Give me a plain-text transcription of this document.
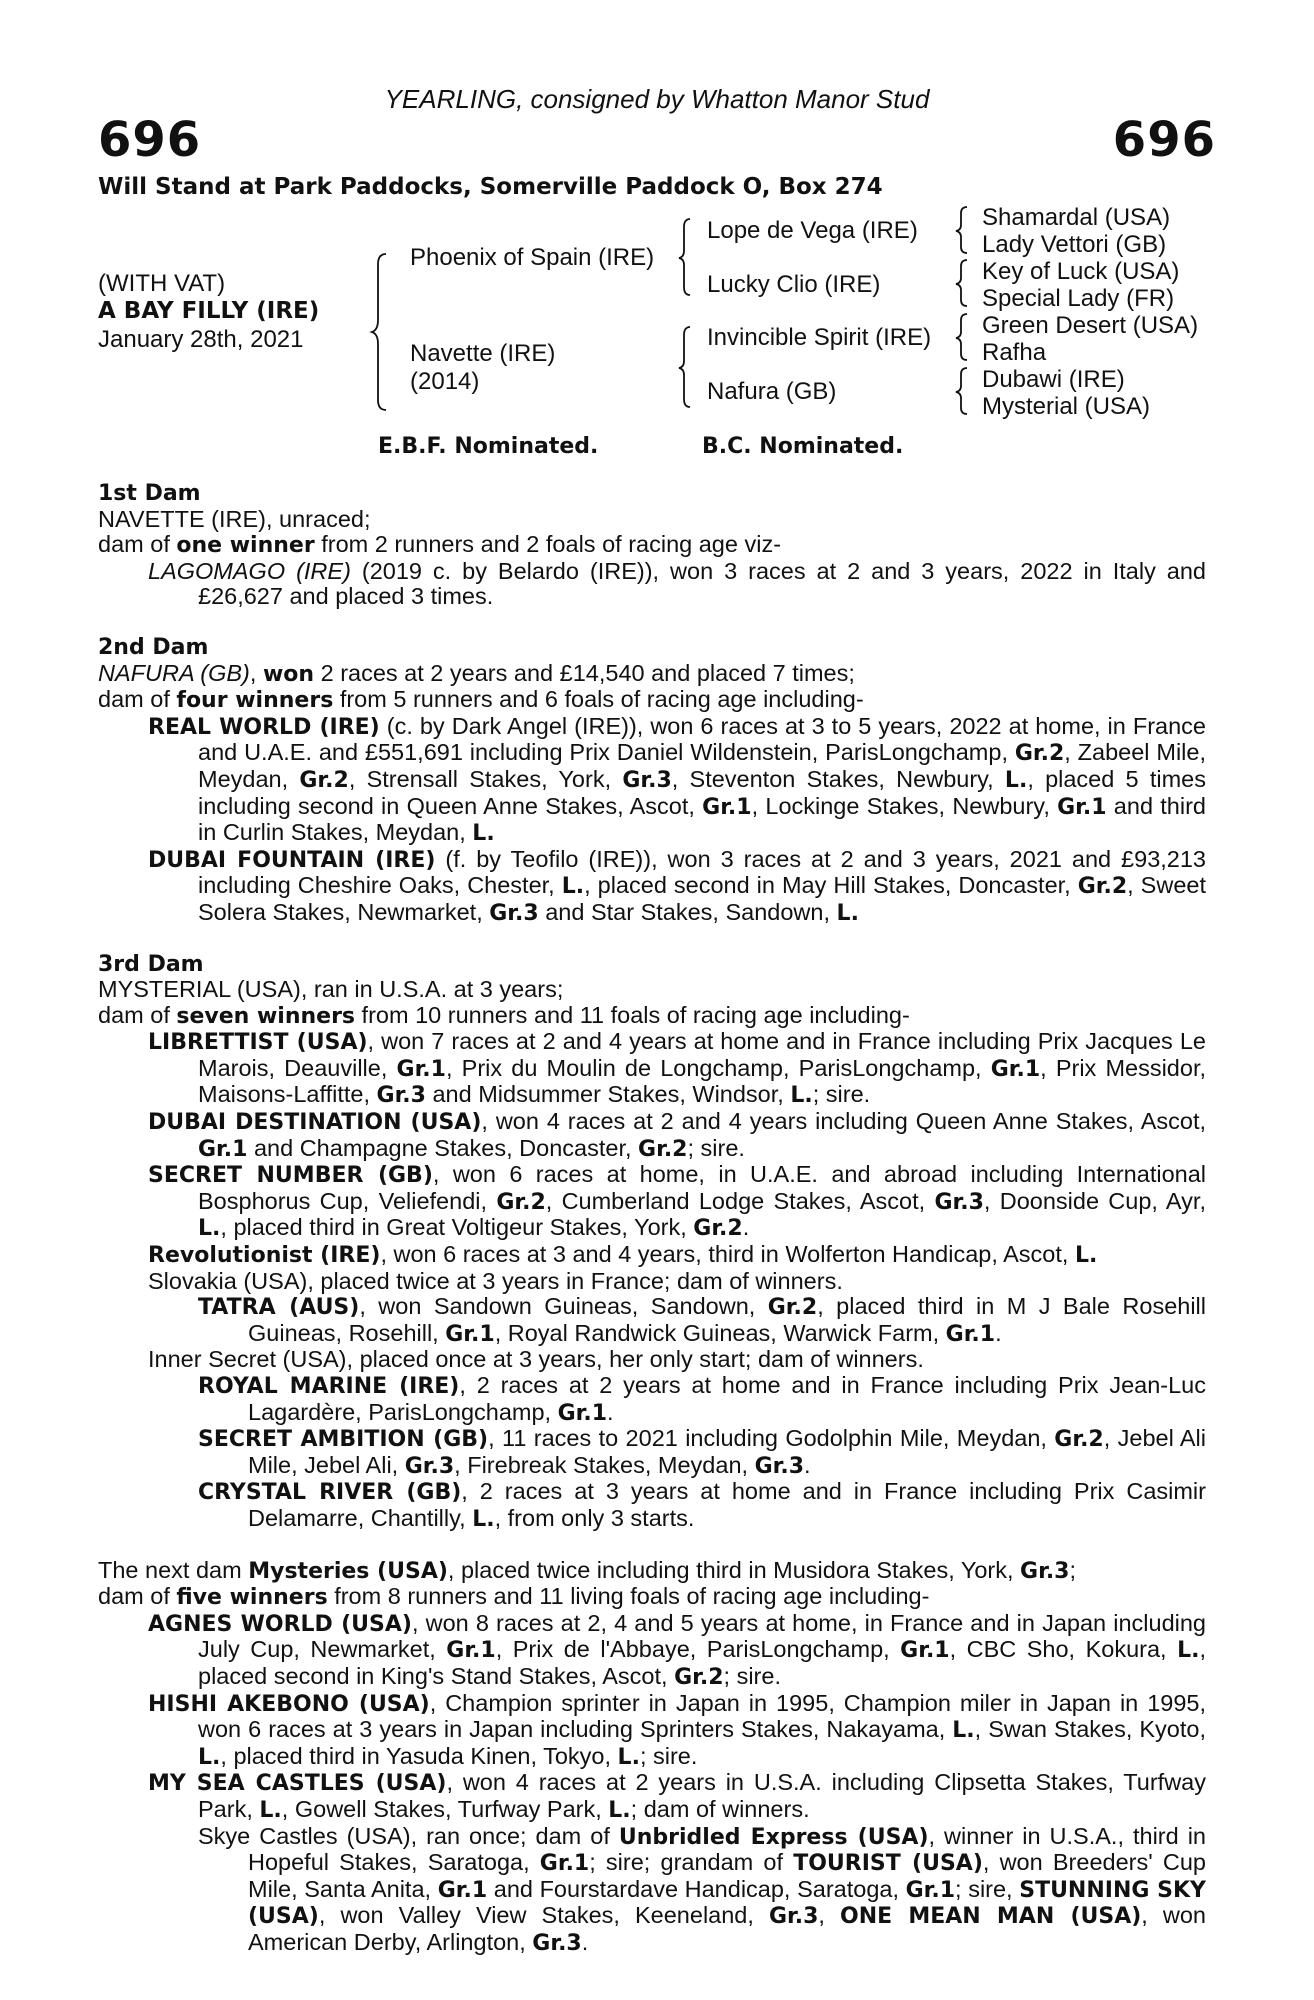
YEARLING, consigned by Whatton Manor Stud
696	696
Will Stand at Park Paddocks, Somerville Paddock O, Box 274
(WITH VAT)
A BAY FILLY (IRE)
January 28th, 2021
Phoenix of Spain (IRE)
Navette (IRE)
(2014)
Lope de Vega (IRE)
Lucky Clio (IRE)
Invincible Spirit (IRE)
Nafura (GB)
Shamardal (USA)
Lady Vettori (GB)
Key of Luck (USA)
Special Lady (FR)
Green Desert (USA)
Rafha
Dubawi (IRE)
Mysterial (USA)
E.B.F. Nominated.	B.C. Nominated.
1st Dam

NAVETTE (IRE), unraced;

dam of one winner from 2 runners and 2 foals of racing age viz-

LAGOMAGO (IRE) (2019 c. by Belardo (IRE)), won 3 races at 2 and 3 years, 2022 in Italy and £26,627 and placed 3 times.

2nd Dam

NAFURA (GB), won 2 races at 2 years and £14,540 and placed 7 times;

dam of four winners from 5 runners and 6 foals of racing age including-

REAL WORLD (IRE) (c. by Dark Angel (IRE)), won 6 races at 3 to 5 years, 2022 at home, in France and U.A.E. and £551,691 including Prix Daniel Wildenstein, ParisLongchamp, Gr.2, Zabeel Mile, Meydan, Gr.2, Strensall Stakes, York, Gr.3, Steventon Stakes, Newbury, L., placed 5 times including second in Queen Anne Stakes, Ascot, Gr.1, Lockinge Stakes, Newbury, Gr.1 and third in Curlin Stakes, Meydan, L.

DUBAI FOUNTAIN (IRE) (f. by Teofilo (IRE)), won 3 races at 2 and 3 years, 2021 and £93,213 including Cheshire Oaks, Chester, L., placed second in May Hill Stakes, Doncaster, Gr.2, Sweet Solera Stakes, Newmarket, Gr.3 and Star Stakes, Sandown, L.

3rd Dam

MYSTERIAL (USA), ran in U.S.A. at 3 years;

dam of seven winners from 10 runners and 11 foals of racing age including-

LIBRETTIST (USA), won 7 races at 2 and 4 years at home and in France including Prix Jacques Le Marois, Deauville, Gr.1, Prix du Moulin de Longchamp, ParisLongchamp, Gr.1, Prix Messidor, Maisons-Laffitte, Gr.3 and Midsummer Stakes, Windsor, L.; sire.

DUBAI DESTINATION (USA), won 4 races at 2 and 4 years including Queen Anne Stakes, Ascot, Gr.1 and Champagne Stakes, Doncaster, Gr.2; sire.

SECRET NUMBER (GB), won 6 races at home, in U.A.E. and abroad including International Bosphorus Cup, Veliefendi, Gr.2, Cumberland Lodge Stakes, Ascot, Gr.3, Doonside Cup, Ayr, L., placed third in Great Voltigeur Stakes, York, Gr.2.

Revolutionist (IRE), won 6 races at 3 and 4 years, third in Wolferton Handicap, Ascot, L.

Slovakia (USA), placed twice at 3 years in France; dam of winners.

TATRA (AUS), won Sandown Guineas, Sandown, Gr.2, placed third in M J Bale Rosehill Guineas, Rosehill, Gr.1, Royal Randwick Guineas, Warwick Farm, Gr.1.

Inner Secret (USA), placed once at 3 years, her only start; dam of winners.

ROYAL MARINE (IRE), 2 races at 2 years at home and in France including Prix Jean-Luc Lagardère, ParisLongchamp, Gr.1.

SECRET AMBITION (GB), 11 races to 2021 including Godolphin Mile, Meydan, Gr.2, Jebel Ali Mile, Jebel Ali, Gr.3, Firebreak Stakes, Meydan, Gr.3.

CRYSTAL RIVER (GB), 2 races at 3 years at home and in France including Prix Casimir Delamarre, Chantilly, L., from only 3 starts.

The next dam Mysteries (USA), placed twice including third in Musidora Stakes, York, Gr.3;

dam of five winners from 8 runners and 11 living foals of racing age including-

AGNES WORLD (USA), won 8 races at 2, 4 and 5 years at home, in France and in Japan including July Cup, Newmarket, Gr.1, Prix de l'Abbaye, ParisLongchamp, Gr.1, CBC Sho, Kokura, L., placed second in King's Stand Stakes, Ascot, Gr.2; sire.

HISHI AKEBONO (USA), Champion sprinter in Japan in 1995, Champion miler in Japan in 1995, won 6 races at 3 years in Japan including Sprinters Stakes, Nakayama, L., Swan Stakes, Kyoto, L., placed third in Yasuda Kinen, Tokyo, L.; sire.

MY SEA CASTLES (USA), won 4 races at 2 years in U.S.A. including Clipsetta Stakes, Turfway Park, L., Gowell Stakes, Turfway Park, L.; dam of winners.

Skye Castles (USA), ran once; dam of Unbridled Express (USA), winner in U.S.A., third in Hopeful Stakes, Saratoga, Gr.1; sire; grandam of TOURIST (USA), won Breeders' Cup Mile, Santa Anita, Gr.1 and Fourstardave Handicap, Saratoga, Gr.1; sire, STUNNING SKY (USA), won Valley View Stakes, Keeneland, Gr.3, ONE MEAN MAN (USA), won American Derby, Arlington, Gr.3.
